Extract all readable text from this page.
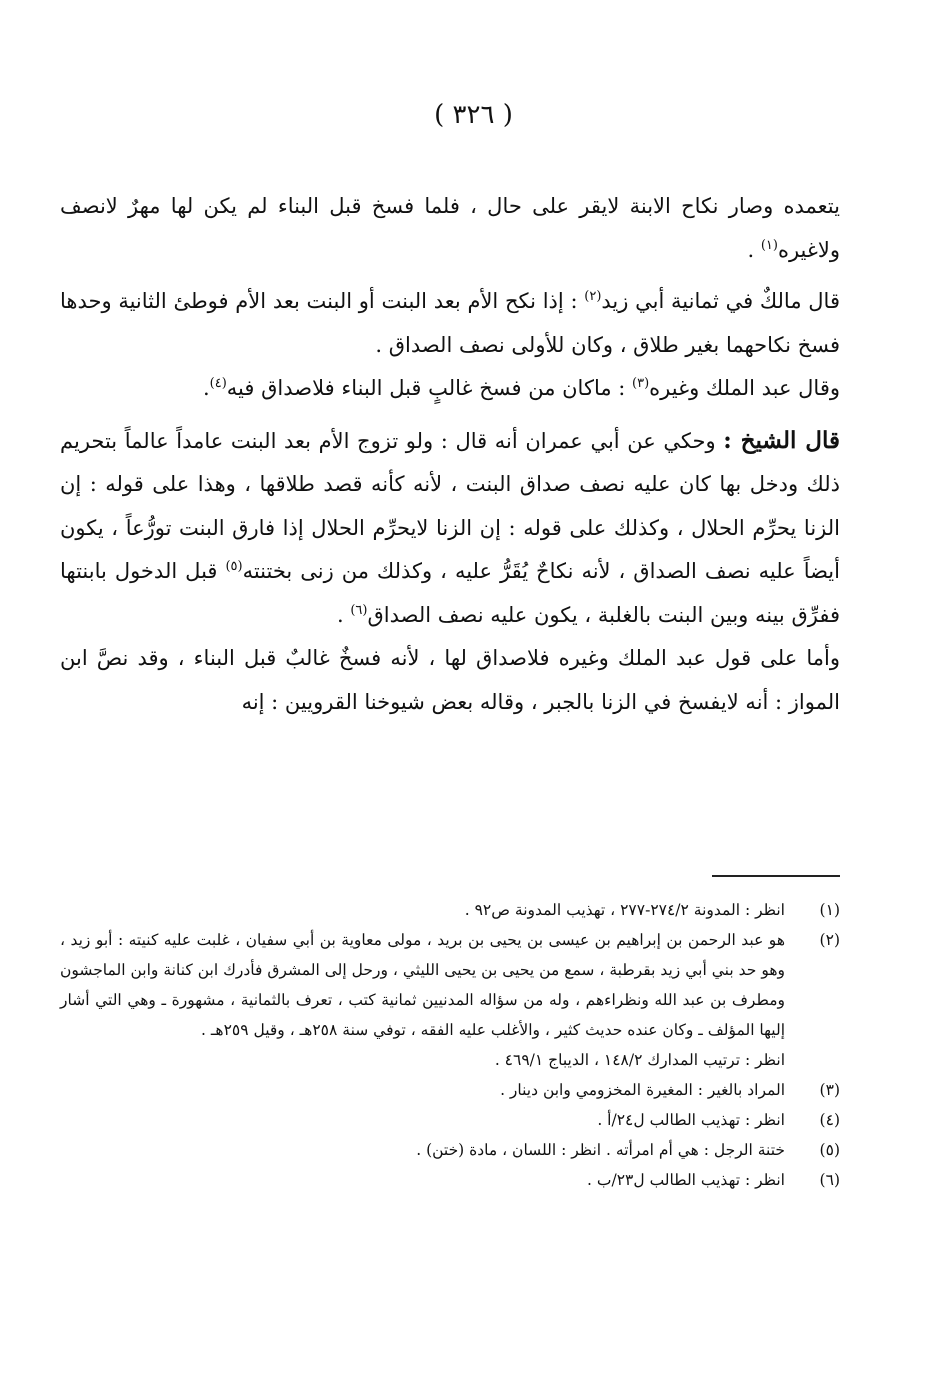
( ٣٢٦ )

يتعمده وصار نكاح الابنة لايقر على حال ، فلما فسخ قبل البناء لم يكن لها مهرٌ لانصف ولاغيره$^{(١)}$ .

قال مالكٌ في ثمانية أبي زيد$^{(٢)}$ : إذا نكح الأم بعد البنت أو البنت بعد الأم فوطئ الثانية وحدها فسخ نكاحهما بغير طلاق ، وكان للأولى نصف الصداق .

وقال عبد الملك وغيره$^{(٣)}$ : ماكان من فسخ غالبٍ قبل البناء فلاصداق فيه$^{(٤)}$.

قال الشيخ : وحكي عن أبي عمران أنه قال : ولو تزوج الأم بعد البنت عامداً عالماً بتحريم ذلك ودخل بها كان عليه نصف صداق البنت ، لأنه كأنه قصد طلاقها ، وهذا على قوله : إن الزنا يحرِّم الحلال ، وكذلك على قوله : إن الزنا لايحرِّم الحلال إذا فارق البنت تورُّعاً ، يكون أيضاً عليه نصف الصداق ، لأنه نكاحٌ يُقَرُّ عليه ، وكذلك من زنى بختنته$^{(٥)}$ قبل الدخول بابنتها ففرِّق بينه وبين البنت بالغلبة ، يكون عليه نصف الصداق$^{(٦)}$ .

وأما على قول عبد الملك وغيره فلاصداق لها ، لأنه فسخٌ غالبٌ قبل البناء ، وقد نصَّ ابن المواز : أنه لايفسخ في الزنا بالجبر ، وقاله بعض شيوخنا القرويين : إنه

(١)
انظر : المدونة ٢٧٤/٢-٢٧٧ ، تهذيب المدونة ص٩٢ .
(٢)
هو عبد الرحمن بن إبراهيم بن عيسى بن يحيى بن بريد ، مولى معاوية بن أبي سفيان ، غلبت عليه كنيته : أبو زيد ، وهو حد بني أبي زيد بقرطبة ، سمع من يحيى بن يحيى الليثي ، ورحل إلى المشرق فأدرك ابن كنانة وابن الماجشون ومطرف بن عبد الله ونظراءهم ، وله من سؤاله المدنيين ثمانية كتب ، تعرف بالثمانية ، مشهورة ـ وهي التي أشار إليها المؤلف ـ وكان عنده حديث كثير ، والأغلب عليه الفقه ، توفي سنة ٢٥٨هـ ، وقيل ٢٥٩هـ .
انظر : ترتيب المدارك ١٤٨/٢ ، الديباج ٤٦٩/١ .
(٣)
المراد بالغير : المغيرة المخزومي وابن دينار .
(٤)
انظر : تهذيب الطالب ل٢٤/أ .
(٥)
ختنة الرجل : هي أم امرأته . انظر : اللسان ، مادة (ختن) .
(٦)
انظر : تهذيب الطالب ل٢٣/ب .
